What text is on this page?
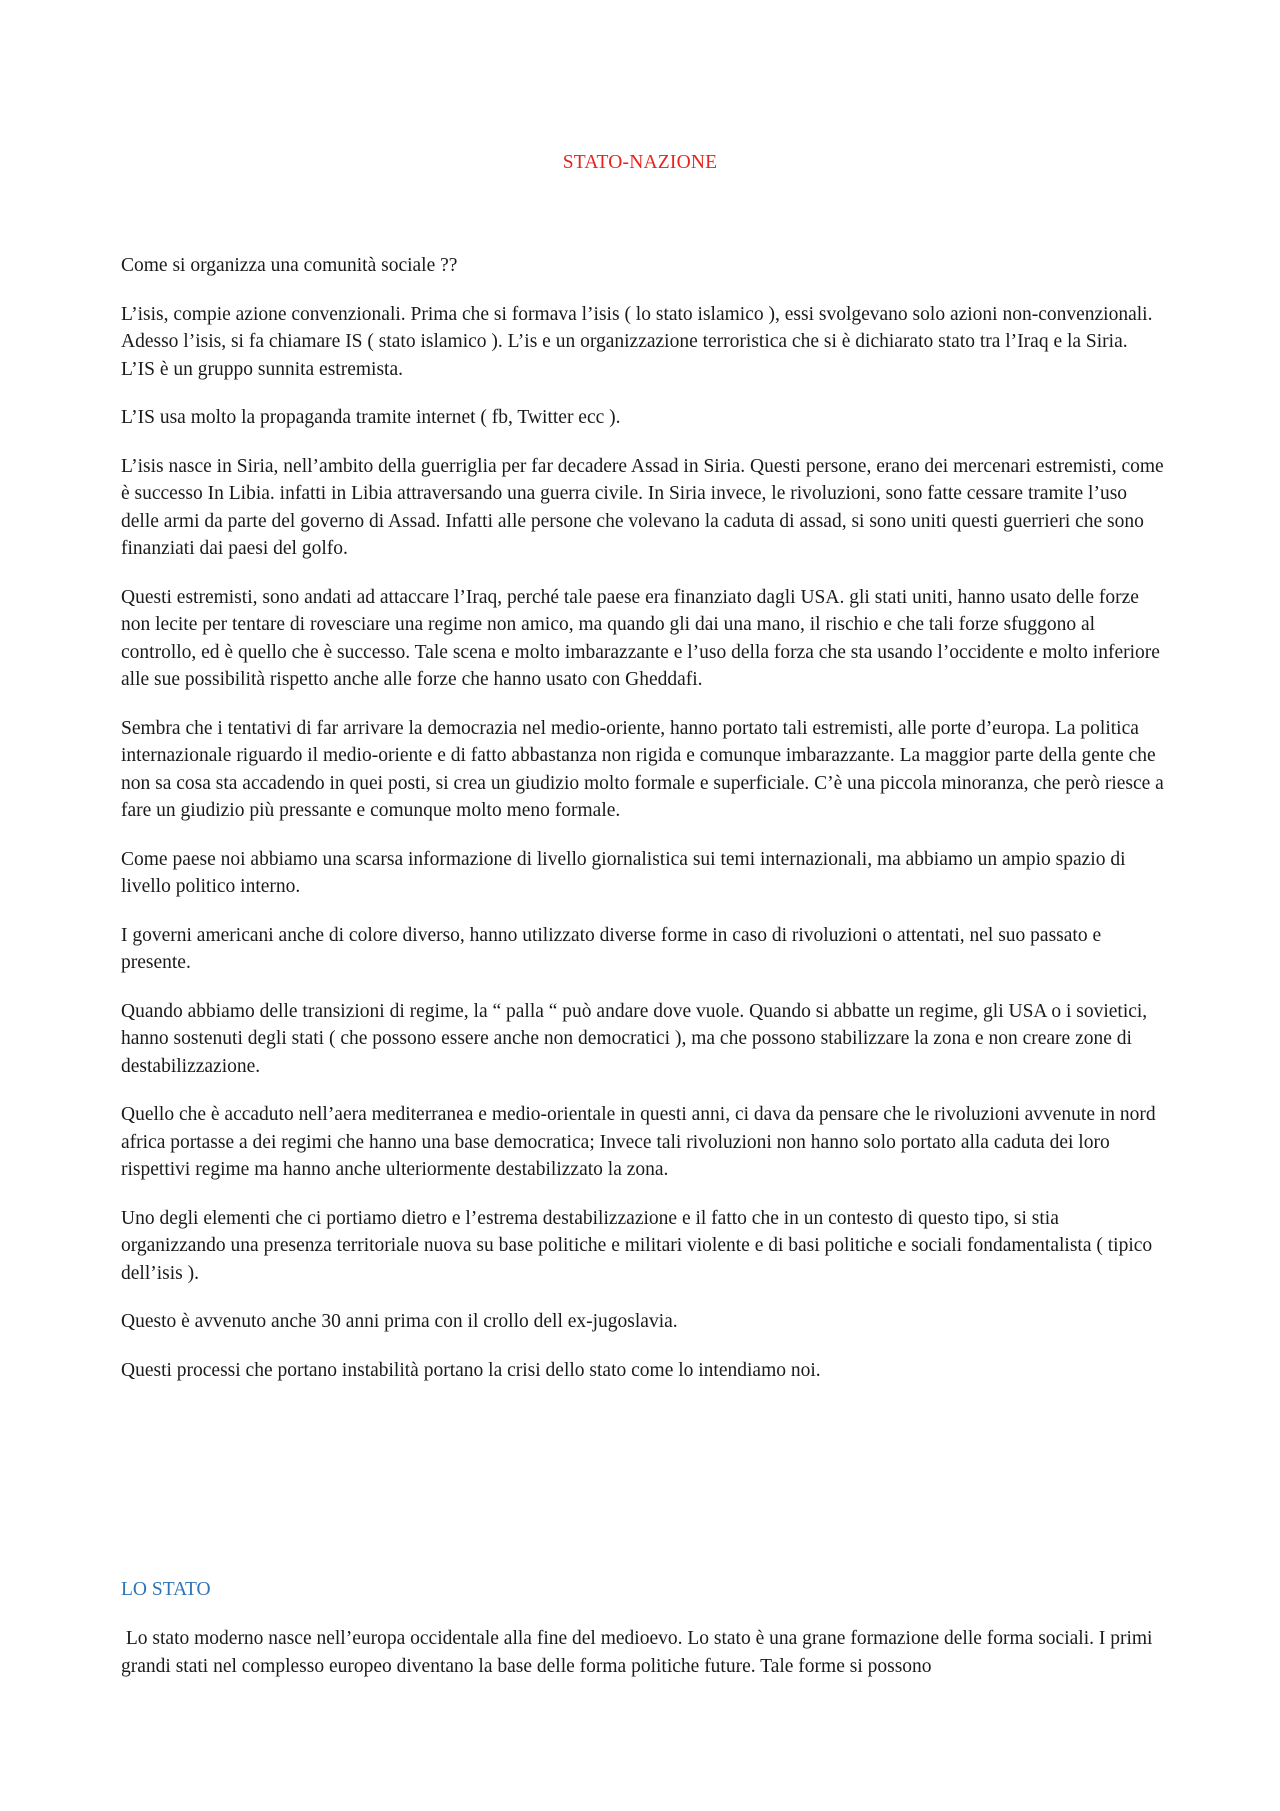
STATO-NAZIONE

Come si organizza una comunità sociale ??

L’isis, compie azione convenzionali. Prima che si formava l’isis ( lo stato islamico ), essi svolgevano solo azioni non-convenzionali. Adesso l’isis, si fa chiamare IS ( stato islamico ). L’is e un organizzazione terroristica che si è dichiarato stato tra l’Iraq e la Siria. L’IS è un gruppo sunnita estremista.

L’IS usa molto la propaganda tramite internet ( fb, Twitter ecc ).

L’isis nasce in Siria, nell’ambito della guerriglia per far decadere Assad in Siria. Questi persone, erano dei mercenari estremisti, come è successo In Libia. infatti in Libia attraversando una guerra civile. In Siria invece, le rivoluzioni, sono fatte cessare tramite l’uso delle armi da parte del governo di Assad. Infatti alle persone che volevano la caduta di assad, si sono uniti questi guerrieri che sono finanziati dai paesi del golfo.

Questi estremisti, sono andati ad attaccare l’Iraq, perché tale paese era finanziato dagli USA. gli stati uniti, hanno usato delle forze non lecite per tentare di rovesciare una regime non amico, ma quando gli dai una mano, il rischio e che tali forze sfuggono al controllo, ed è quello che è successo. Tale scena e molto imbarazzante e l’uso della forza che sta usando l’occidente e molto inferiore alle sue possibilità rispetto anche alle forze che hanno usato con Gheddafi.

Sembra che i tentativi di far arrivare la democrazia nel medio-oriente, hanno portato tali estremisti, alle porte d’europa. La politica internazionale riguardo il medio-oriente e di fatto abbastanza non rigida e comunque imbarazzante. La maggior parte della gente che non sa cosa sta accadendo in quei posti, si crea un giudizio molto formale e superficiale. C’è una piccola minoranza, che però riesce a fare un giudizio più pressante e comunque molto meno formale.

Come paese noi abbiamo una scarsa informazione di livello giornalistica sui temi internazionali, ma abbiamo un ampio spazio di livello politico interno.

I governi americani anche di colore diverso, hanno utilizzato diverse forme in caso di rivoluzioni o attentati, nel suo passato e presente.

Quando abbiamo delle transizioni di regime, la “ palla “ può andare dove vuole. Quando si abbatte un regime, gli USA o i sovietici, hanno sostenuti degli stati ( che possono essere anche non democratici ), ma che possono stabilizzare la zona e non creare zone di destabilizzazione.

Quello che è accaduto nell’aera mediterranea e medio-orientale in questi anni, ci dava da pensare che le rivoluzioni avvenute in nord africa portasse a dei regimi che hanno una base democratica; Invece tali rivoluzioni non hanno solo portato alla caduta dei loro rispettivi regime ma hanno anche ulteriormente destabilizzato la zona.

Uno degli elementi che ci portiamo dietro e l’estrema destabilizzazione e il fatto che in un contesto di questo tipo, si stia organizzando una presenza territoriale nuova su base politiche e militari violente e di basi politiche e sociali fondamentalista ( tipico dell’isis ).

Questo è avvenuto anche 30 anni prima con il crollo dell ex-jugoslavia.

Questi processi che portano instabilità portano la crisi dello stato come lo intendiamo noi.

LO STATO

Lo stato moderno nasce nell’europa occidentale alla fine del medioevo. Lo stato è una grane formazione delle forma sociali. I primi grandi stati nel complesso europeo diventano la base delle forma politiche future. Tale forme si possono
